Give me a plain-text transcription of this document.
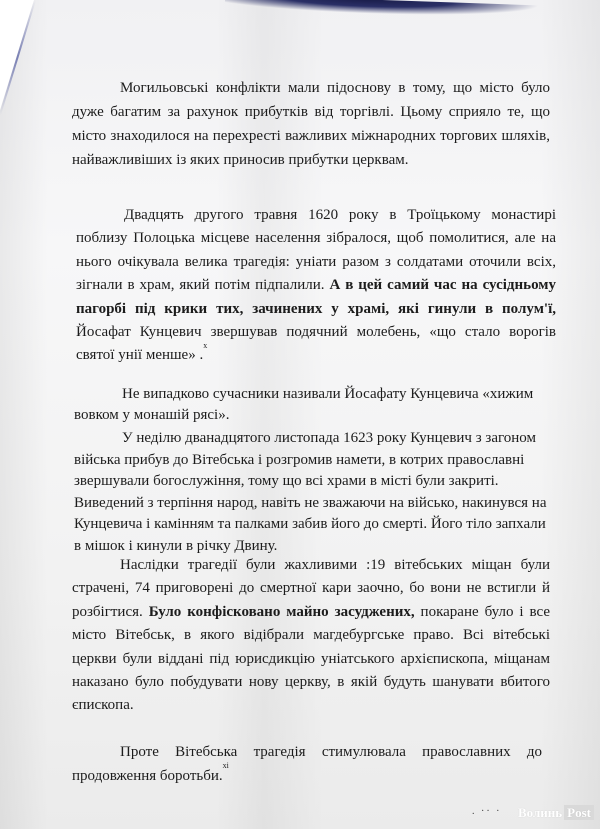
Могильовські конфлікти мали підоснову в тому, що місто було дуже багатим за рахунок прибутків від торгівлі. Цьому сприяло те, що місто знаходилося на перехресті важливих міжнародних торгових шляхів, найважливіших із яких приносив прибутки церквам.

Двадцять другого травня 1620 року в Троїцькому монастирі поблизу Полоцька місцеве населення зібралося, щоб помолитися, але на нього очікувала велика трагедія: уніати разом з солдатами оточили всіх, зігнали в храм, який потім підпалили. А в цей самий час на сусідньому пагорбі під крики тих, зачинених у храмі, які гинули в полум'ї, Йосафат Кунцевич звершував подячний молебень, «що стало ворогів святої унії менше» .$^x$

Не випадково сучасники називали Йосафату Кунцевича «хижим вовком у монашій рясі».

У неділю дванадцятого листопада 1623 року Кунцевич з загоном війська прибув до Вітебська і розгромив намети, в котрих православні звершували богослужіння, тому що всі храми в місті були закриті. Виведений з терпіння народ, навіть не зважаючи на військо, накинувся на Кунцевича і камінням та палками забив його до смерті. Його тіло запхали в мішок і кинули в річку Двину.

Наслідки трагедії були жахливими :19 вітебських міщан були страчені, 74 приговорені до смертної кари заочно, бо вони не встигли й розбігтися. Було конфісковано майно засуджених, покаране було і все місто Вітебськ, в якого відібрали магдебургське право. Всі вітебські церкви були віддані під юрисдикцію уніатського архієпископа, міщанам наказано було побудувати нову церкву, в якій будуть шанувати вбитого єпископа.

Проте Вітебська трагедія стимулювала православних до продовження боротьби.$^{xi}$

. ·· · Волинь Post
